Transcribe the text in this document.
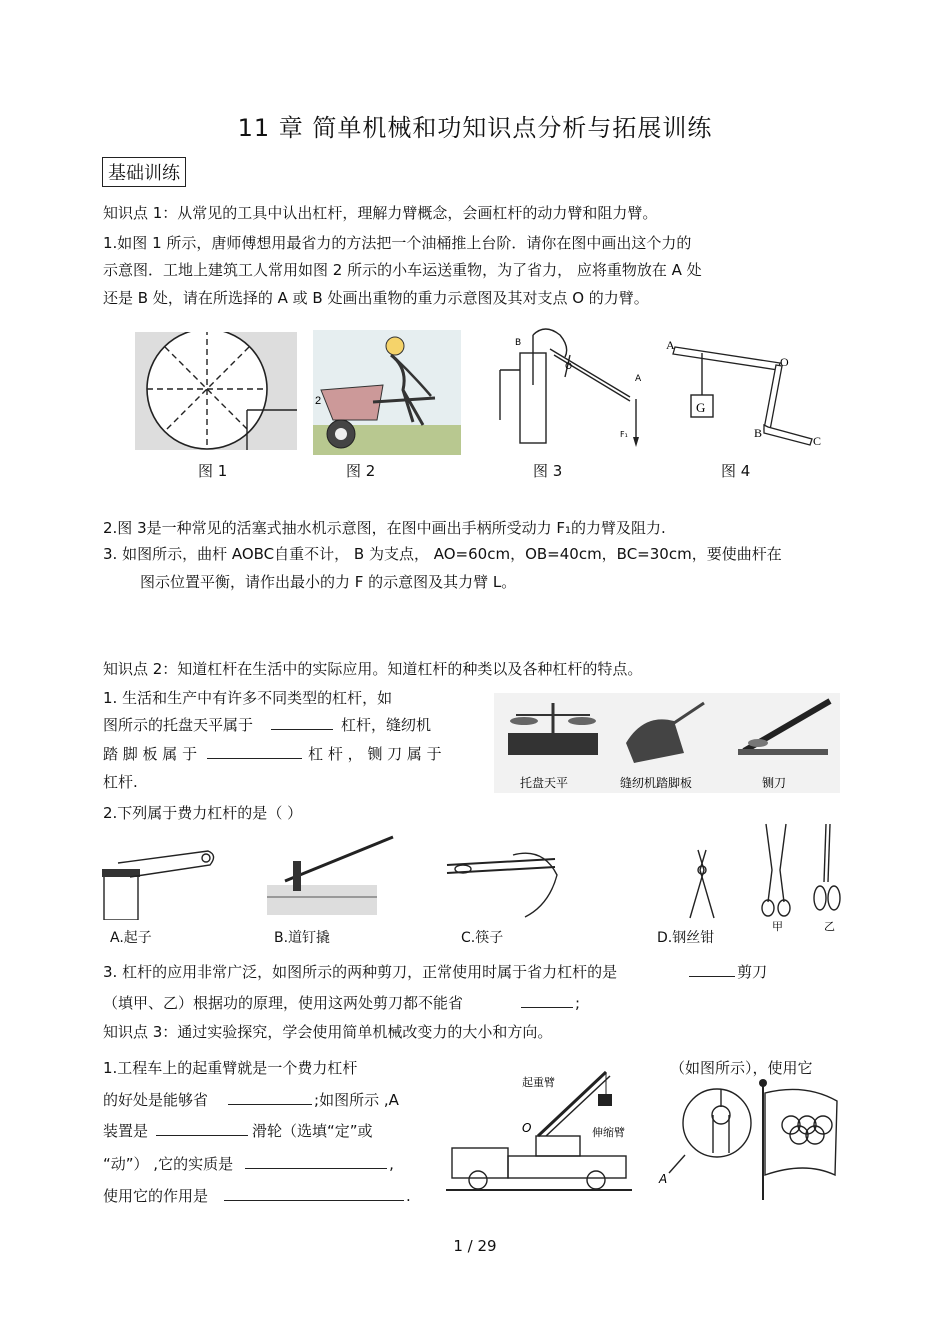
11 章 简单机械和功知识点分析与拓展训练
基础训练
知识点 1：从常见的工具中认出杠杆，理解力臂概念，会画杠杆的动力臂和阻力臂。
1.如图 1 所示，唐师傅想用最省力的方法把一个油桶推上台阶．请你在图中画出这个力的
示意图．工地上建筑工人常用如图 2 所示的小车运送重物，为了省力， 应将重物放在 A 处
还是 B 处，请在所选择的 A 或 B 处画出重物的重力示意图及其对支点 O 的力臂。
2
B
O
A
F₁
A
O
G
B
C
图 1	图 2	图 3	图 4
2.图 3是一种常见的活塞式抽水机示意图，在图中画出手柄所受动力 F₁的力臂及阻力.
3. 如图所示，曲杆 AOBC自重不计， B 为支点， AO=60cm，OB=40cm，BC=30cm，要使曲杆在
图示位置平衡，请作出最小的力 F 的示意图及其力臂 L。
知识点 2：知道杠杆在生活中的实际应用。知道杠杆的种类以及各种杠杆的特点。
1. 生活和生产中有许多不同类型的杠杆，如
图所示的托盘天平属于	杠杆，缝纫机
踏 脚 板 属 于	杠 杆 ， 铡 刀 属 于
杠杆.	托盘天平	缝纫机踏脚板	铡刀
2.下列属于费力杠杆的是（ ）
甲	乙
A.起子	B.道钉撬	C.筷子	D.钢丝钳
3. 杠杆的应用非常广泛，如图所示的两种剪刀，正常使用时属于省力杠杆的是	剪刀
（填甲、乙）根据功的原理，使用这两处剪刀都不能省	;
知识点 3：通过实验探究，学会使用简单机械改变力的大小和方向。
1.工程车上的起重臂就是一个费力杠杆	（如图所示），使用它
的好处是能够省	;如图所示 ,A
装置是	滑轮（选填“定”或
“动”） ,它的实质是	,
使用它的作用是	.
起重臂
伸缩臂
O
A
1 / 29
